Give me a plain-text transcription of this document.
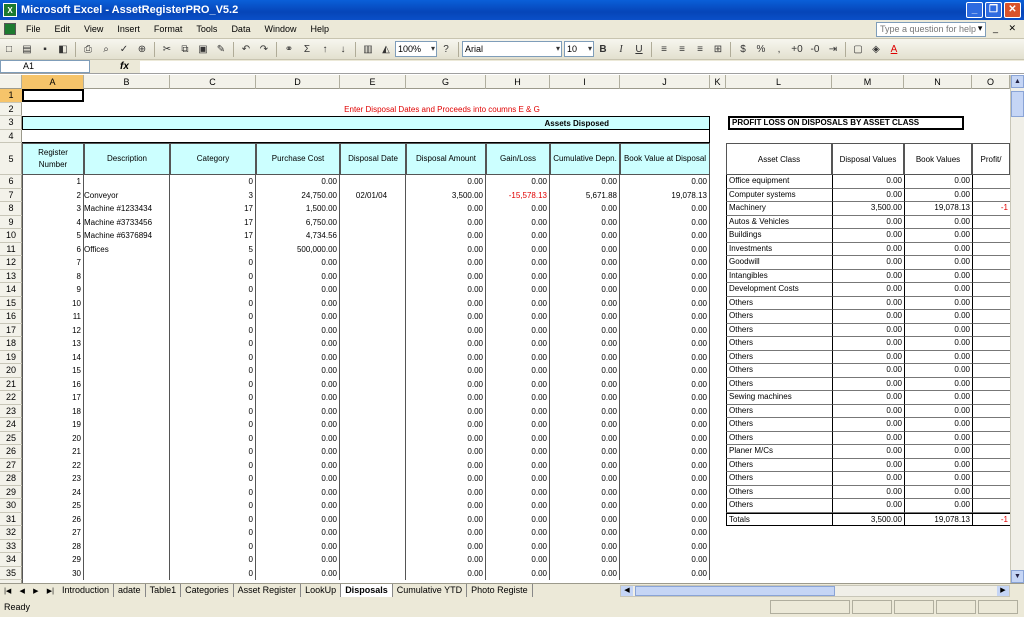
X Microsoft Excel - AssetRegisterPRO_V5.2	_	❐	✕
File	Edit	View	Insert	Format	Tools	Data	Window	Help	Type a question for help ▾ _ ✕
□	▤	▪	◧	⎙	⌕	✓ ⊕	✂	⧉ ▣ ✎	↶ ↷	⚭	Σ	↑	↓	▥ ◭ 100% ▾	?	Arial ▾	10 ▾	B	I	U	≡	≡	≡	⊞	$	%	,	+0 -0 ⇥	▢ ◈	A
A1	fx
A	B	C	D	E	G	H	I	J	K	L	M	N	O
1
2
3
4
5
6
7
8
9
10
11
12
13
14
15
16
17
18
19
20
21
22
23
24
25
26
27
28
29
30
31
32
33
34
35
Enter Disposal Dates and Proceeds into coumns E & G
Assets Disposed
Register Number
Description	Category	Purchase Cost	Disposal Date	Disposal Amount	Gain/Loss	Cumulative Depn. Book Value at Disposal
1	0	0.00	0.00	0.00	0.00	0.00
2 Conveyor	3	24,750.00	02/01/04	3,500.00	-15,578.13	5,671.88	19,078.13
3 Machine #1233434	17	1,500.00	0.00	0.00	0.00	0.00
4 Machine #3733456	17	6,750.00	0.00	0.00	0.00	0.00
5 Machine #6376894	17	4,734.56	0.00	0.00	0.00	0.00
6 Offices	5	500,000.00	0.00	0.00	0.00	0.00
7	0	0.00	0.00	0.00	0.00	0.00
8	0	0.00	0.00	0.00	0.00	0.00
9	0	0.00	0.00	0.00	0.00	0.00
10	0	0.00	0.00	0.00	0.00	0.00
11	0	0.00	0.00	0.00	0.00	0.00
12	0	0.00	0.00	0.00	0.00	0.00
13	0	0.00	0.00	0.00	0.00	0.00
14	0	0.00	0.00	0.00	0.00	0.00
15	0	0.00	0.00	0.00	0.00	0.00
16	0	0.00	0.00	0.00	0.00	0.00
17	0	0.00	0.00	0.00	0.00	0.00
18	0	0.00	0.00	0.00	0.00	0.00
19	0	0.00	0.00	0.00	0.00	0.00
20	0	0.00	0.00	0.00	0.00	0.00
21	0	0.00	0.00	0.00	0.00	0.00
22	0	0.00	0.00	0.00	0.00	0.00
23	0	0.00	0.00	0.00	0.00	0.00
24	0	0.00	0.00	0.00	0.00	0.00
25	0	0.00	0.00	0.00	0.00	0.00
26	0	0.00	0.00	0.00	0.00	0.00
27	0	0.00	0.00	0.00	0.00	0.00
28	0	0.00	0.00	0.00	0.00	0.00
29	0	0.00	0.00	0.00	0.00	0.00
30	0	0.00	0.00	0.00	0.00	0.00
PROFIT LOSS ON DISPOSALS BY ASSET CLASS
Asset Class	Disposal Values	Book Values	Profit/
Office equipment	0.00	0.00
Computer systems	0.00	0.00
Machinery	3,500.00	19,078.13	-1
Autos & Vehicles	0.00	0.00
Buildings	0.00	0.00
Investments	0.00	0.00
Goodwill	0.00	0.00
Intangibles	0.00	0.00
Development Costs	0.00	0.00
Others	0.00	0.00
Others	0.00	0.00
Others	0.00	0.00
Others	0.00	0.00
Others	0.00	0.00
Others	0.00	0.00
Others	0.00	0.00
Sewing machines	0.00	0.00
Others	0.00	0.00
Others	0.00	0.00
Others	0.00	0.00
Planer M/Cs	0.00	0.00
Others	0.00	0.00
Others	0.00	0.00
Others	0.00	0.00
Others	0.00	0.00
Totals	3,500.00	19,078.13	-1
▲
▼
|◀ ◀ ▶ ▶| Introduction	adate	Table1	Categories	Asset Register	LookUp	Disposals	Cumulative YTD	Photo Registe	◀	▶
Ready
